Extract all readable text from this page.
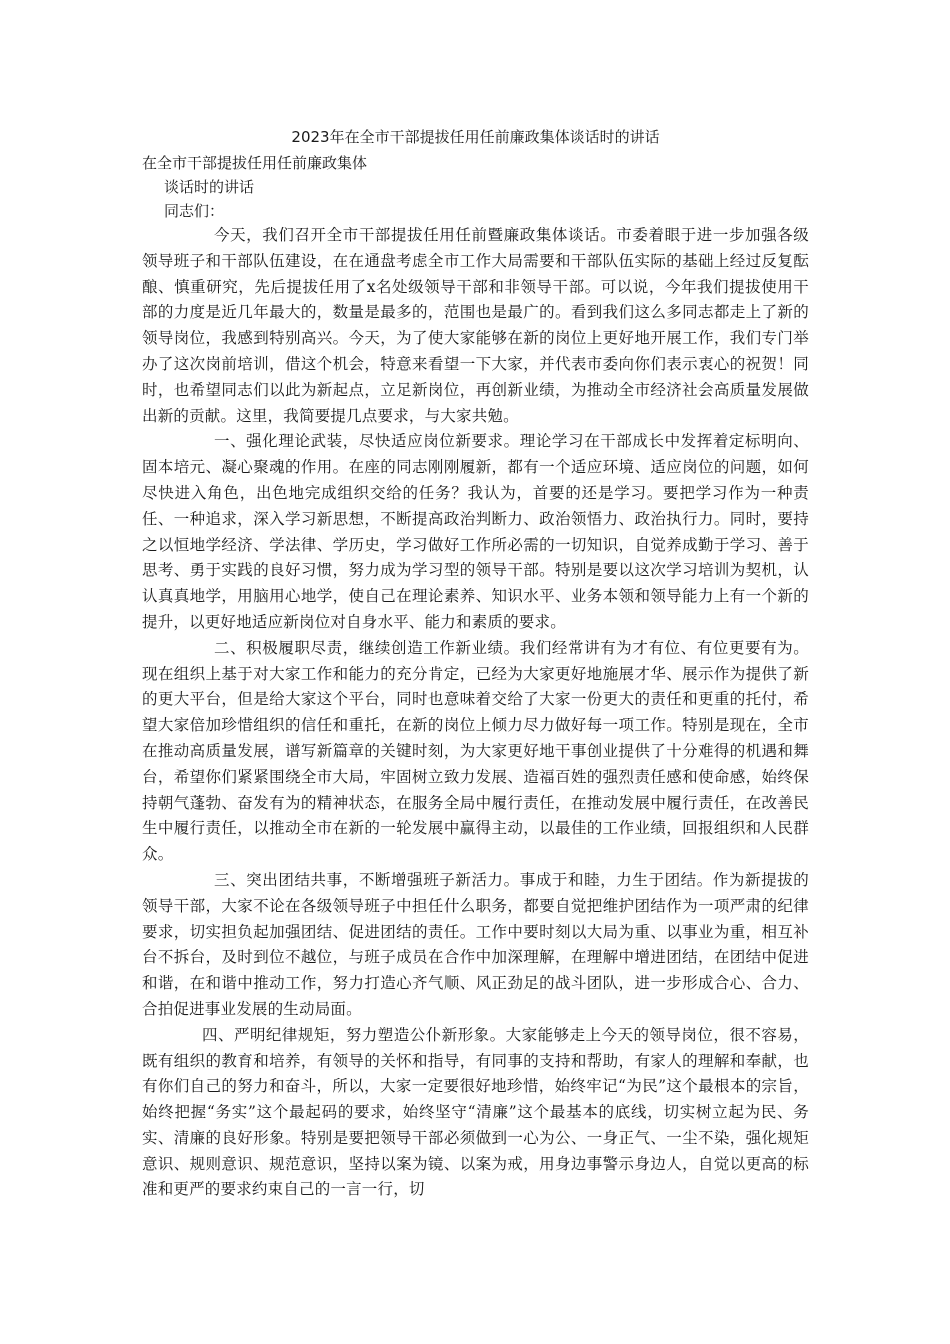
2023年在全市干部提拔任用任前廉政集体谈话时的讲话

在全市干部提拔任用任前廉政集体

谈话时的讲话

同志们：

今天，我们召开全市干部提拔任用任前暨廉政集体谈话。市委着眼于进一步加强各级领导班子和干部队伍建设，在在通盘考虑全市工作大局需要和干部队伍实际的基础上经过反复酝酿、慎重研究，先后提拔任用了x名处级领导干部和非领导干部。可以说，今年我们提拔使用干部的力度是近几年最大的，数量是最多的，范围也是最广的。看到我们这么多同志都走上了新的领导岗位，我感到特别高兴。今天，为了使大家能够在新的岗位上更好地开展工作，我们专门举办了这次岗前培训，借这个机会，特意来看望一下大家，并代表市委向你们表示衷心的祝贺！同时，也希望同志们以此为新起点，立足新岗位，再创新业绩，为推动全市经济社会高质量发展做出新的贡献。这里，我简要提几点要求，与大家共勉。

一、强化理论武装，尽快适应岗位新要求。理论学习在干部成长中发挥着定标明向、固本培元、凝心聚魂的作用。在座的同志刚刚履新，都有一个适应环境、适应岗位的问题，如何尽快进入角色，出色地完成组织交给的任务？我认为，首要的还是学习。要把学习作为一种责任、一种追求，深入学习新思想，不断提高政治判断力、政治领悟力、政治执行力。同时，要持之以恒地学经济、学法律、学历史，学习做好工作所必需的一切知识，自觉养成勤于学习、善于思考、勇于实践的良好习惯，努力成为学习型的领导干部。特别是要以这次学习培训为契机，认认真真地学，用脑用心地学，使自己在理论素养、知识水平、业务本领和领导能力上有一个新的提升，以更好地适应新岗位对自身水平、能力和素质的要求。

二、积极履职尽责，继续创造工作新业绩。我们经常讲有为才有位、有位更要有为。现在组织上基于对大家工作和能力的充分肯定，已经为大家更好地施展才华、展示作为提供了新的更大平台，但是给大家这个平台，同时也意味着交给了大家一份更大的责任和更重的托付，希望大家倍加珍惜组织的信任和重托，在新的岗位上倾力尽力做好每一项工作。特别是现在，全市在推动高质量发展，谱写新篇章的关键时刻，为大家更好地干事创业提供了十分难得的机遇和舞台，希望你们紧紧围绕全市大局，牢固树立致力发展、造福百姓的强烈责任感和使命感，始终保持朝气蓬勃、奋发有为的精神状态，在服务全局中履行责任，在推动发展中履行责任，在改善民生中履行责任，以推动全市在新的一轮发展中赢得主动，以最佳的工作业绩，回报组织和人民群众。

三、突出团结共事，不断增强班子新活力。事成于和睦，力生于团结。作为新提拔的领导干部，大家不论在各级领导班子中担任什么职务，都要自觉把维护团结作为一项严肃的纪律要求，切实担负起加强团结、促进团结的责任。工作中要时刻以大局为重、以事业为重，相互补台不拆台，及时到位不越位，与班子成员在合作中加深理解，在理解中增进团结，在团结中促进和谐，在和谐中推动工作，努力打造心齐气顺、风正劲足的战斗团队，进一步形成合心、合力、合拍促进事业发展的生动局面。

四、严明纪律规矩，努力塑造公仆新形象。大家能够走上今天的领导岗位，很不容易，既有组织的教育和培养，有领导的关怀和指导，有同事的支持和帮助，有家人的理解和奉献，也有你们自己的努力和奋斗，所以，大家一定要很好地珍惜，始终牢记“为民”这个最根本的宗旨，始终把握“务实”这个最起码的要求，始终坚守“清廉”这个最基本的底线，切实树立起为民、务实、清廉的良好形象。特别是要把领导干部必须做到一心为公、一身正气、一尘不染，强化规矩意识、规则意识、规范意识，坚持以案为镜、以案为戒，用身边事警示身边人，自觉以更高的标准和更严的要求约束自己的一言一行，切
